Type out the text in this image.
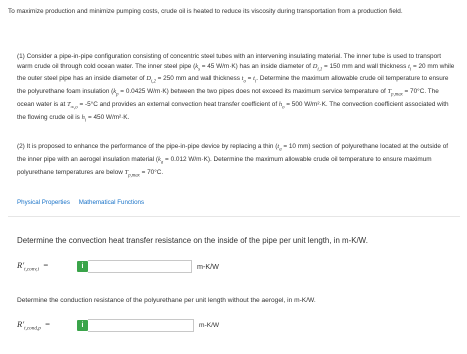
To maximize production and minimize pumping costs, crude oil is heated to reduce its viscosity during transportation from a production field.
(1) Consider a pipe-in-pipe configuration consisting of concentric steel tubes with an intervening insulating material. The inner tube is used to transport warm crude oil through cold ocean water. The inner steel pipe ($k_s = 45$ W/m·K) has an inside diameter of $D_{i,1} = 150$ mm and wall thickness $t_i = 20$ mm while the outer steel pipe has an inside diameter of $D_{i,2} = 250$ mm and wall thickness $t_o = t_i$. Determine the maximum allowable crude oil temperature to ensure the polyurethane foam insulation ($k_p = 0.0425$ W/m·K) between the two pipes does not exceed its maximum service temperature of $T_{p,max} = 70^\circ C$. The ocean water is at $T_{\infty,o} = -5^\circ C$ and provides an external convection heat transfer coefficient of $h_o = 500$ W/m²·K. The convection coefficient associated with the flowing crude oil is $h_i = 450$ W/m²·K.
(2) It is proposed to enhance the performance of the pipe-in-pipe device by replacing a thin ($t_a = 10$ mm) section of polyurethane located at the outside of the inner pipe with an aerogel insulation material ($k_a = 0.012$ W/m·K). Determine the maximum allowable crude oil temperature to ensure maximum polyurethane temperatures are below $T_{p,max} = 70^\circ C$.
Physical Properties Mathematical Functions
Determine the convection heat transfer resistance on the inside of the pipe per unit length, in m-K/W.
$R'_{t,conv,i}$ =	i	m-K/W
Determine the conduction resistance of the polyurethane per unit length without the aerogel, in m-K/W.
$R'_{t,cond,p}$ =	i	m-K/W
